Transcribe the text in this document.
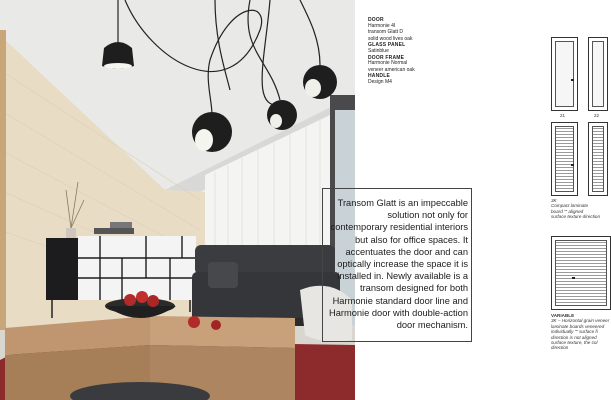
DOOR
Harmonie 4I
transom Glatt D
solid wood lives oak
GLASS PANEL
Satinblue
DOOR FRAME
Harmonie Normal
veneer american oak
HANDLE
Design M4
Transom Glatt is an impeccable solution not only for contemporary residential interiors but also for office spaces. It accentuates the door and can optically increase the space it is installed in. Newly available is a transom designed for both Harmonie standard door line and Harmonie door with double-action door mechanism.
21	22
3K
Compact laminate
board “” aligned
surface texture direction
VARIABLE
3K – Horizontal grain veneer
laminate boards veneered
individually “” surface fi
direction is not aligned
surface texture, the col
direction
